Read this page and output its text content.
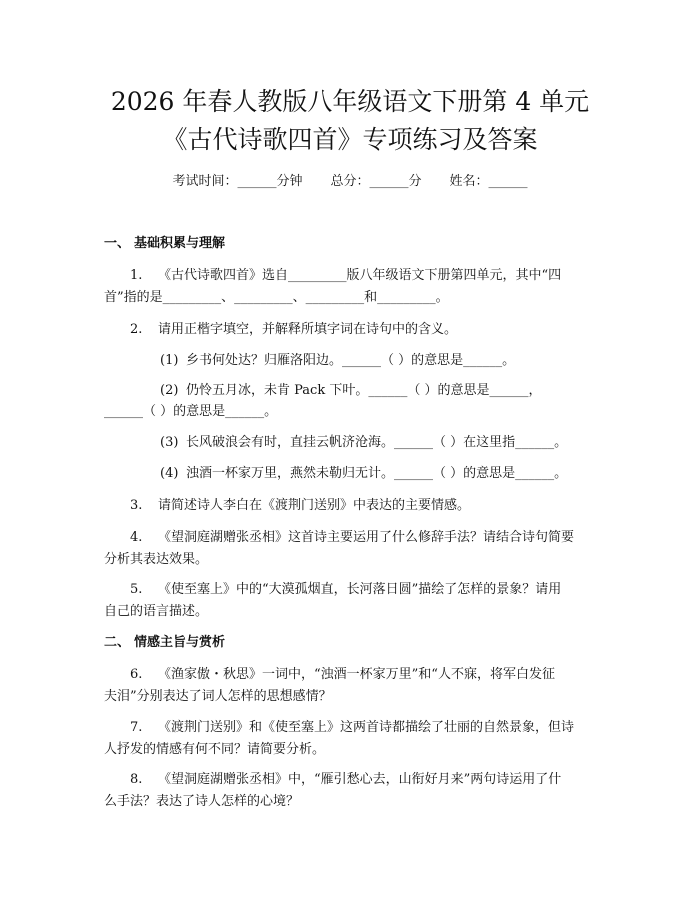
2026 年春人教版八年级语文下册第 4 单元
《古代诗歌四首》专项练习及答案
考试时间：______分钟 总分：______分 姓名：______
一、 基础积累与理解
1. 《古代诗歌四首》选自_________版八年级语文下册第四单元，其中“四
首”指的是_________、_________、_________和_________。
2. 请用正楷字填空，并解释所填字词在诗句中的含义。
(1) 乡书何处达？归雁洛阳边。______（ ）的意思是______。
(2) 仍怜五月冰，未肯 Pack 下叶。______（ ）的意思是______，
______（ ）的意思是______。
(3) 长风破浪会有时，直挂云帆济沧海。______（ ）在这里指______。
(4) 浊酒一杯家万里，燕然未勒归无计。______（ ）的意思是______。
3. 请简述诗人李白在《渡荆门送别》中表达的主要情感。
4. 《望洞庭湖赠张丞相》这首诗主要运用了什么修辞手法？请结合诗句简要
分析其表达效果。
5. 《使至塞上》中的“大漠孤烟直，长河落日圆”描绘了怎样的景象？请用
自己的语言描述。
二、 情感主旨与赏析
6. 《渔家傲・秋思》一词中，“浊酒一杯家万里”和“人不寐，将军白发征
夫泪”分别表达了词人怎样的思想感情？
7. 《渡荆门送别》和《使至塞上》这两首诗都描绘了壮丽的自然景象，但诗
人抒发的情感有何不同？请简要分析。
8. 《望洞庭湖赠张丞相》中，“雁引愁心去，山衔好月来”两句诗运用了什
么手法？表达了诗人怎样的心境？
